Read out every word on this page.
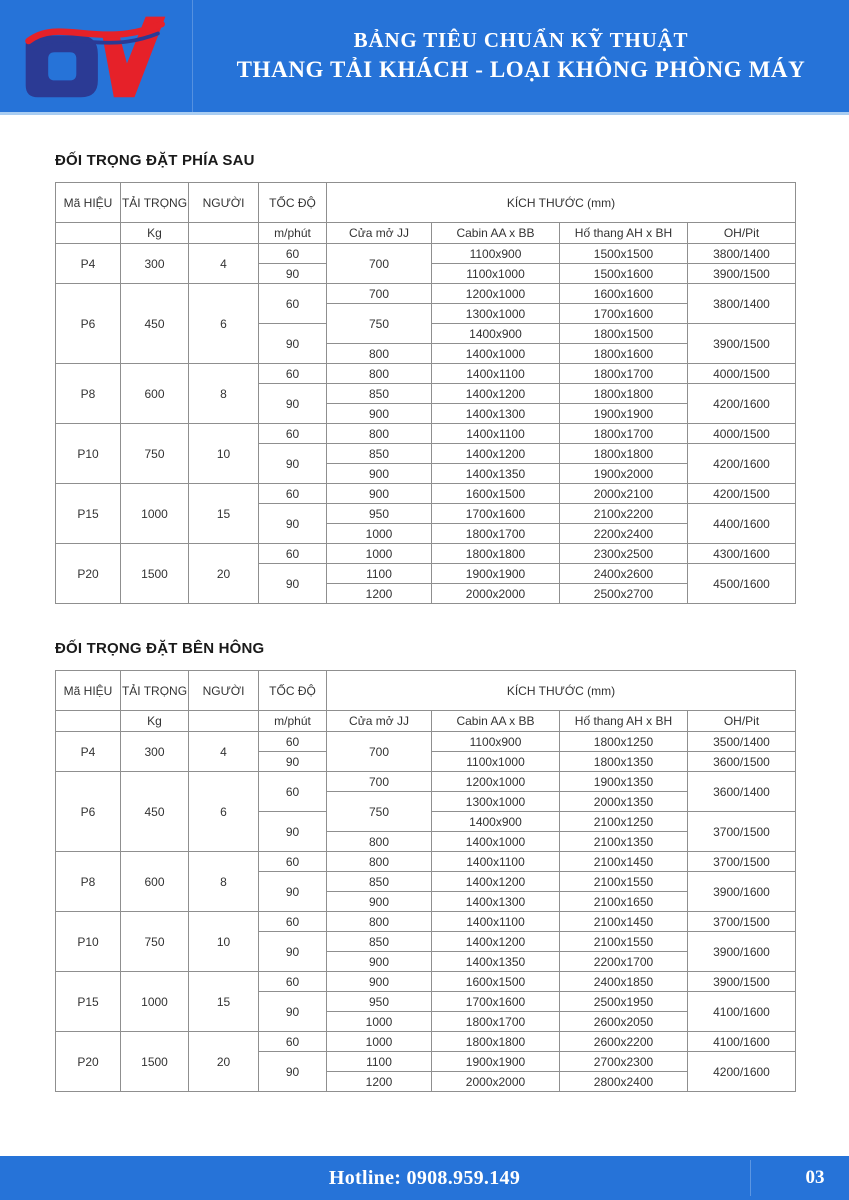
BẢNG TIÊU CHUẨN KỸ THUẬT
THANG TẢI KHÁCH - LOẠI KHÔNG PHÒNG MÁY
ĐỐI TRỌNG ĐẶT PHÍA SAU
Mã HIỆU	TẢI TRỌNG	NGƯỜI	TỐC ĐỘ	KÍCH THƯỚC (mm)			
	Kg		m/phút	Cửa mở JJ	Cabin AA x BB	Hố thang AH x BH	OH/Pit
P4	300	4	60	700	1100x900	1500x1500	3800/1400
			90		1100x1000	1500x1600	3900/1500
P6	450	6	60	700	1200x1000	1600x1600	3800/1400
				750	1300x1000	1700x1600	
			90		1400x900	1800x1500	3900/1500
				800	1400x1000	1800x1600	
P8	600	8	60	800	1400x1100	1800x1700	4000/1500
			90	850	1400x1200	1800x1800	4200/1600
				900	1400x1300	1900x1900	
P10	750	10	60	800	1400x1100	1800x1700	4000/1500
			90	850	1400x1200	1800x1800	4200/1600
				900	1400x1350	1900x2000	
P15	1000	15	60	900	1600x1500	2000x2100	4200/1500
			90	950	1700x1600	2100x2200	4400/1600
				1000	1800x1700	2200x2400	
P20	1500	20	60	1000	1800x1800	2300x2500	4300/1600
			90	1100	1900x1900	2400x2600	4500/1600
				1200	2000x2000	2500x2700	
ĐỐI TRỌNG ĐẶT BÊN HÔNG
Mã HIỆU	TẢI TRỌNG	NGƯỜI	TỐC ĐỘ	KÍCH THƯỚC (mm)			
	Kg		m/phút	Cửa mở JJ	Cabin AA x BB	Hố thang AH x BH	OH/Pit
P4	300	4	60	700	1100x900	1800x1250	3500/1400
			90		1100x1000	1800x1350	3600/1500
P6	450	6	60	700	1200x1000	1900x1350	3600/1400
				750	1300x1000	2000x1350	
			90		1400x900	2100x1250	3700/1500
				800	1400x1000	2100x1350	
P8	600	8	60	800	1400x1100	2100x1450	3700/1500
			90	850	1400x1200	2100x1550	3900/1600
				900	1400x1300	2100x1650	
P10	750	10	60	800	1400x1100	2100x1450	3700/1500
			90	850	1400x1200	2100x1550	3900/1600
				900	1400x1350	2200x1700	
P15	1000	15	60	900	1600x1500	2400x1850	3900/1500
			90	950	1700x1600	2500x1950	4100/1600
				1000	1800x1700	2600x2050	
P20	1500	20	60	1000	1800x1800	2600x2200	4100/1600
			90	1100	1900x1900	2700x2300	4200/1600
				1200	2000x2000	2800x2400	
Hotline: 0908.959.149	03
